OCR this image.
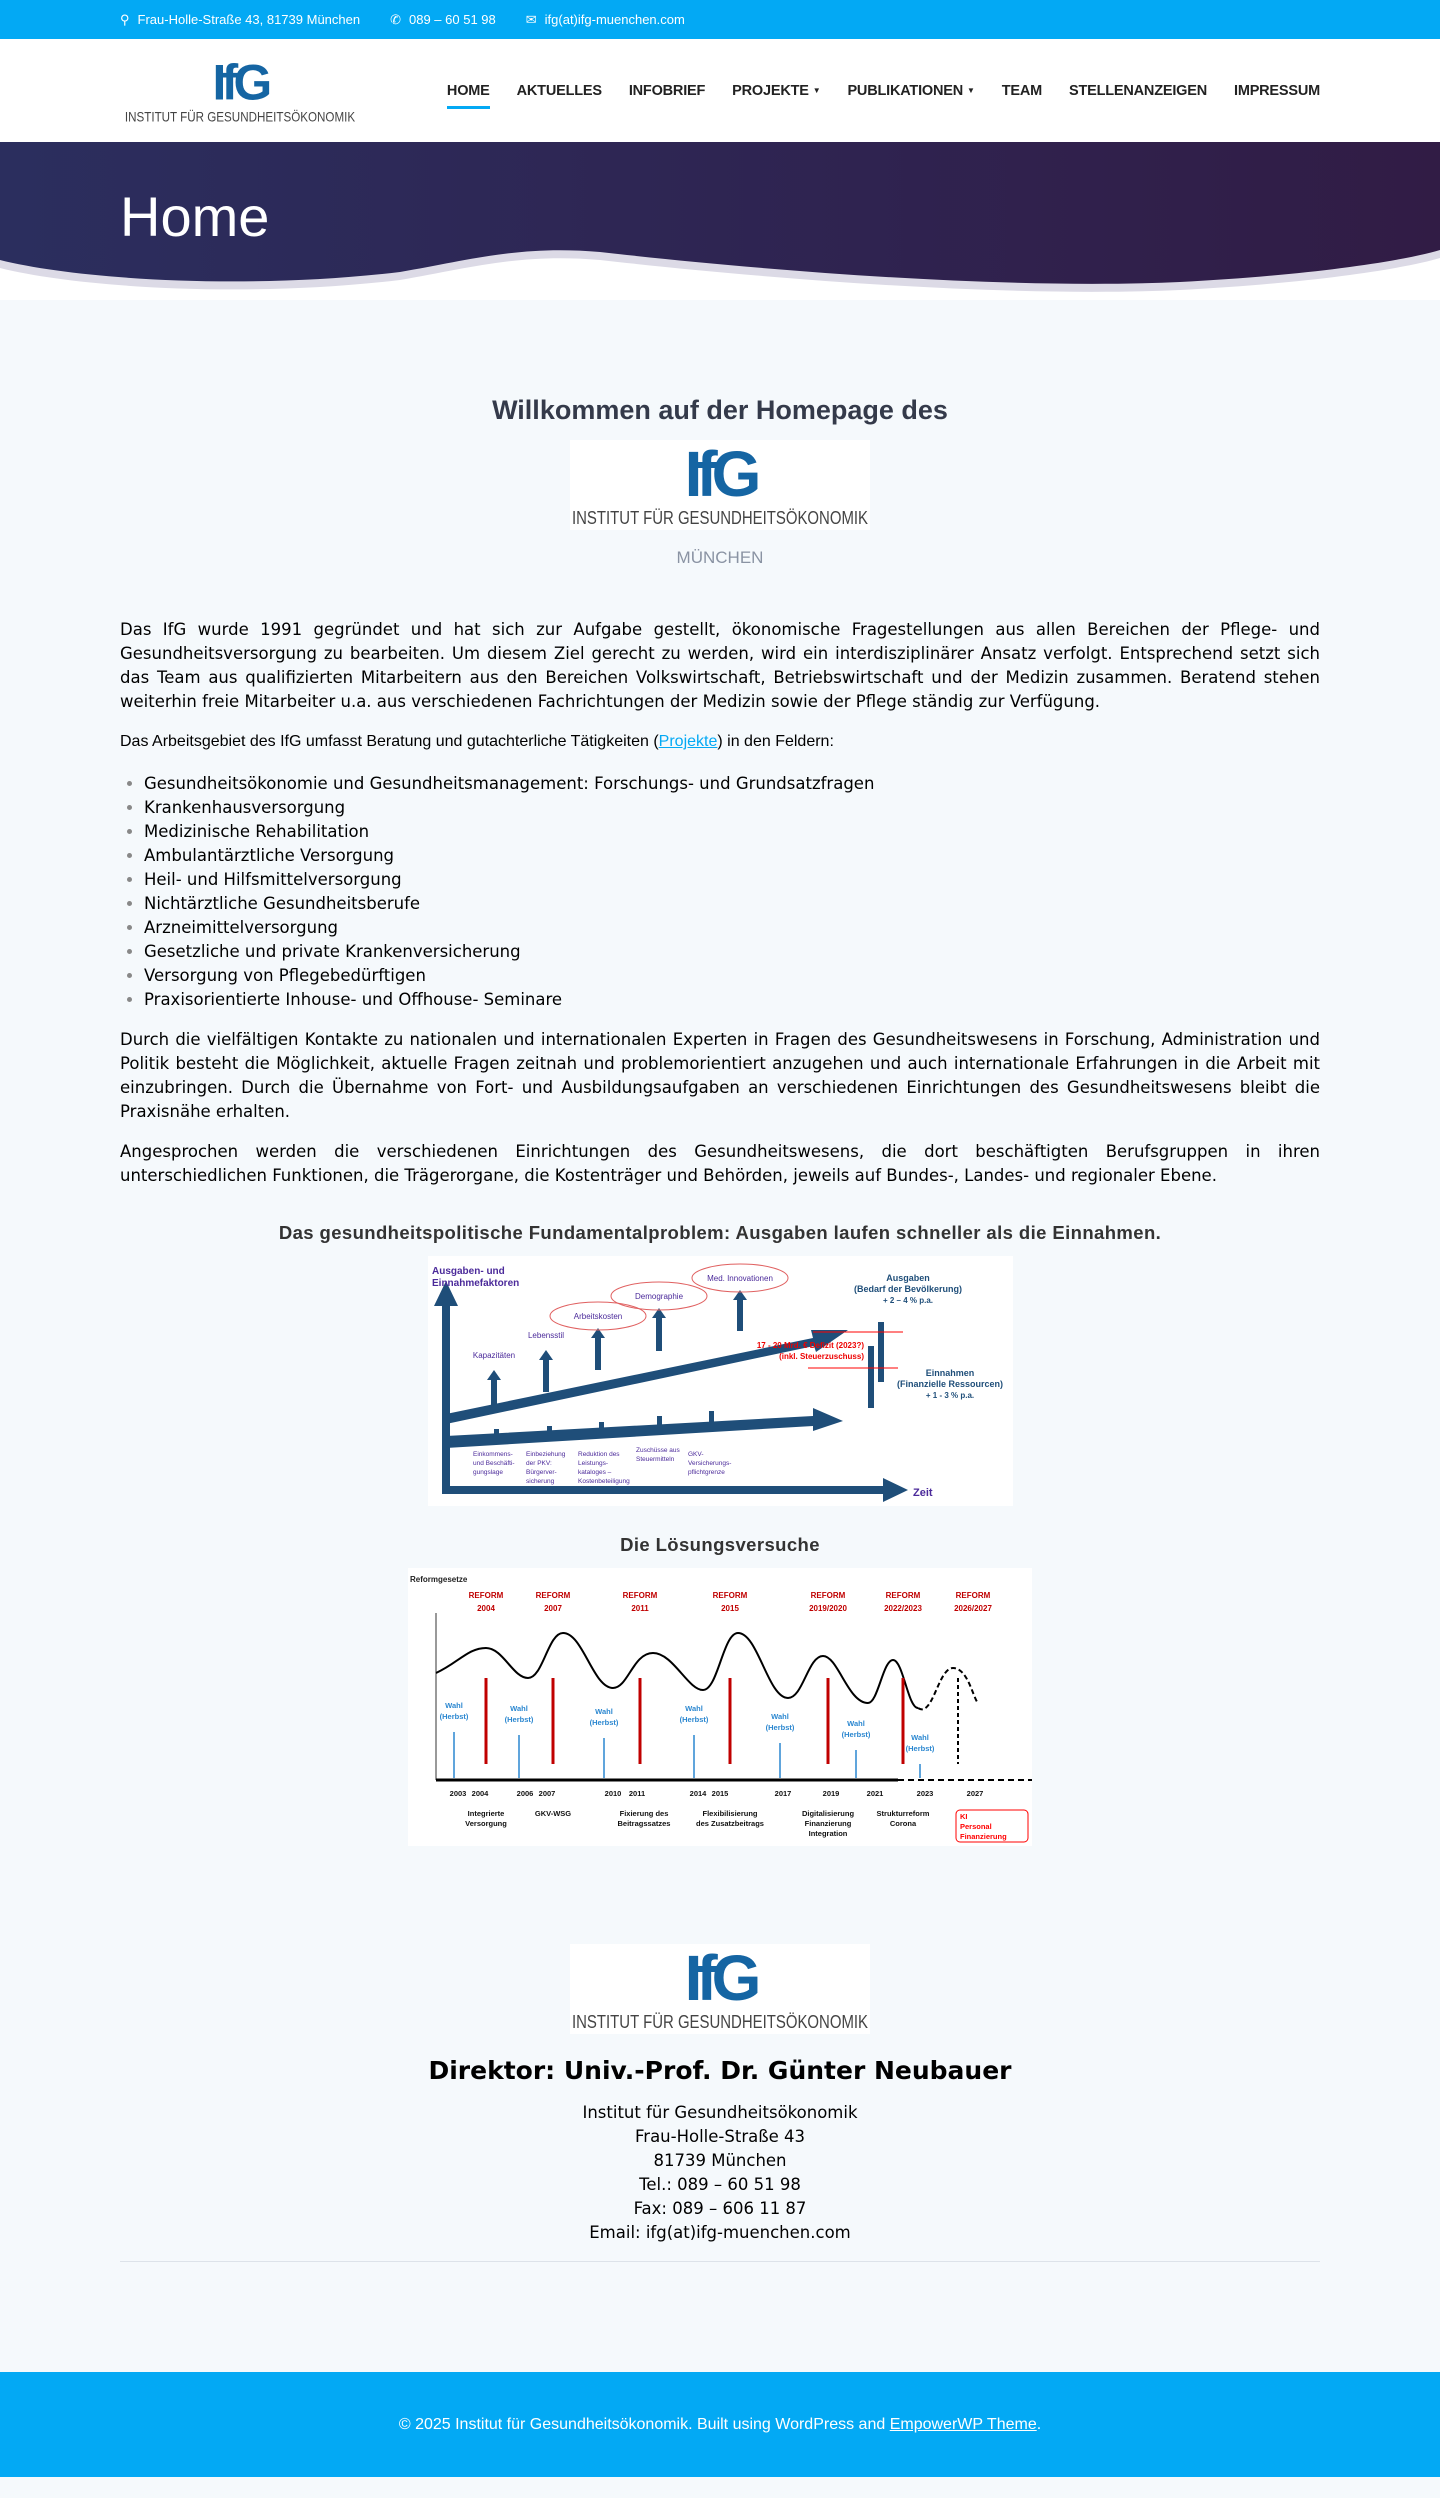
⚲ Frau-Holle-Straße 43, 81739 München ✆ 089 – 60 51 98 ✉ ifg(at)ifg-muenchen.com
IfG
INSTITUT FÜR GESUNDHEITSÖKONOMIK
HOME AKTUELLES INFOBRIEF PROJEKTE ▼ PUBLIKATIONEN ▼ TEAM STELLENANZEIGEN IMPRESSUM
Home
Willkommen auf der Homepage des
IfG
INSTITUT FÜR GESUNDHEITSÖKONOMIK
MÜNCHEN

Das IfG wurde 1991 gegründet und hat sich zur Aufgabe gestellt, ökonomische Fragestellungen aus allen Bereichen der Pflege- und Gesundheitsversorgung zu bearbeiten. Um diesem Ziel gerecht zu werden, wird ein interdisziplinärer Ansatz verfolgt. Entsprechend setzt sich das Team aus qualifizierten Mitarbeitern aus den Bereichen Volkswirtschaft, Betriebswirtschaft und der Medizin zusammen. Beratend stehen weiterhin freie Mitarbeiter u.a. aus verschiedenen Fachrichtungen der Medizin sowie der Pflege ständig zur Verfügung.

Das Arbeitsgebiet des IfG umfasst Beratung und gutachterliche Tätigkeiten (Projekte) in den Feldern:

• Gesundheitsökonomie und Gesundheitsmanagement: Forschungs- und Grundsatzfragen
• Krankenhausversorgung
• Medizinische Rehabilitation
• Ambulantärztliche Versorgung
• Heil- und Hilfsmittelversorgung
• Nichtärztliche Gesundheitsberufe
• Arzneimittelversorgung
• Gesetzliche und private Krankenversicherung
• Versorgung von Pflegebedürftigen
• Praxisorientierte Inhouse- und Offhouse- Seminare

Durch die vielfältigen Kontakte zu nationalen und internationalen Experten in Fragen des Gesundheitswesens in Forschung, Administration und Politik besteht die Möglichkeit, aktuelle Fragen zeitnah und problemorientiert anzugehen und auch internationale Erfahrungen in die Arbeit mit einzubringen. Durch die Übernahme von Fort- und Ausbildungsaufgaben an verschiedenen Einrichtungen des Gesundheitswesens bleibt die Praxisnähe erhalten.

Angesprochen werden die verschiedenen Einrichtungen des Gesundheitswesens, die dort beschäftigten Berufsgruppen in ihren unterschiedlichen Funktionen, die Trägerorgane, die Kostenträger und Behörden, jeweils auf Bundes-, Landes- und regionaler Ebene.

Das gesundheitspolitische Fundamentalproblem: Ausgaben laufen schneller als die Einnahmen.
Ausgaben- und
Einnahmefaktoren
Zeit
Kapazitäten
Lebensstil
Arbeitskosten
Demographie
Med. Innovationen
Einkommens-
und Beschäfti-
gungslage
Einbeziehung
der PKV:
Bürgerver-
sicherung
Reduktion des
Leistungs-
kataloges –
Kostenbeteiligung
Zuschüsse aus
Steuermitteln
GKV-
Versicherungs-
pflichtgrenze
Ausgaben
(Bedarf der Bevölkerung)
+ 2 – 4 % p.a.
Einnahmen
(Finanzielle Ressourcen)
+ 1 - 3 % p.a.
17 - 20 Mrd. € Defizit (2023?)
(inkl. Steuerzuschuss)
Die Lösungsversuche
Reformgesetze
REFORM
2004
REFORM
2007
REFORM
2011
REFORM
2015
REFORM
2019/2020
REFORM
2022/2023
REFORM
2026/2027
Wahl
(Herbst)
Wahl
(Herbst)
Wahl
(Herbst)
Wahl
(Herbst)	Wahl
(Herbst)	Wahl
(Herbst)	Wahl
(Herbst)
2003 2004	2006 2007	2010 2011	2014 2015	2017	2019	2021	2023	2027
Integrierte
Versorgung
GKV-WSG	Fixierung des
Beitragssatzes
Flexibilisierung
des Zusatzbeitrags
Digitalisierung
Finanzierung
Integration
Strukturreform
Corona
KI
Personal
Finanzierung
IfG
INSTITUT FÜR GESUNDHEITSÖKONOMIK
Direktor: Univ.-Prof. Dr. Günter Neubauer
Institut für Gesundheitsökonomik
Frau-Holle-Straße 43
81739 München
Tel.: 089 – 60 51 98
Fax: 089 – 606 11 87
Email: ifg(at)ifg-muenchen.com
© 2025 Institut für Gesundheitsökonomik. Built using WordPress and
EmpowerWP Theme .
